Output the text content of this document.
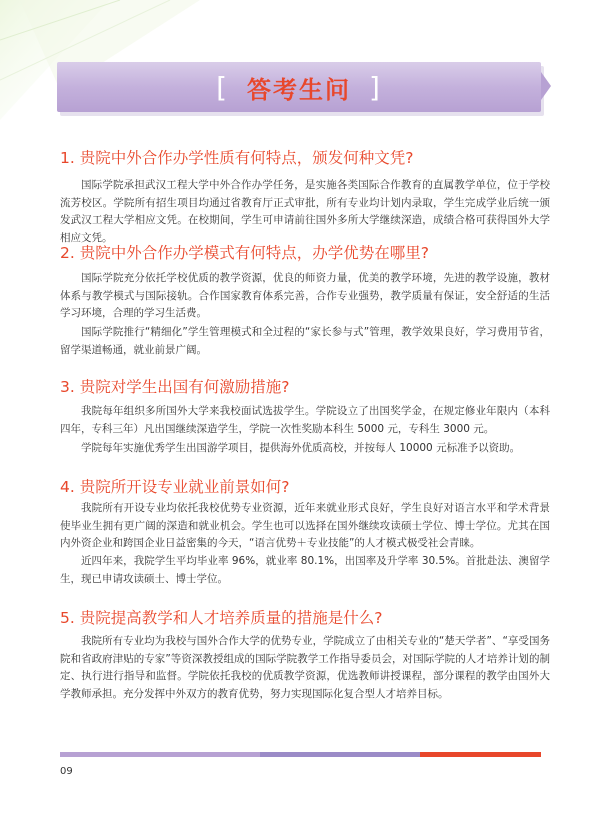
[ 答考生问 ]
1. 贵院中外合作办学性质有何特点，颁发何种文凭?
国际学院承担武汉工程大学中外合作办学任务，是实施各类国际合作教育的直属教学单位，位于学校流芳校区。学院所有招生项目均通过省教育厅正式审批，所有专业均计划内录取，学生完成学业后统一颁发武汉工程大学相应文凭。在校期间，学生可申请前往国外多所大学继续深造，成绩合格可获得国外大学相应文凭。
2. 贵院中外合作办学模式有何特点，办学优势在哪里?
国际学院充分依托学校优质的教学资源，优良的师资力量，优美的教学环境，先进的教学设施，教材体系与教学模式与国际接轨。合作国家教育体系完善，合作专业强势，教学质量有保证，安全舒适的生活学习环境，合理的学习生活费。
国际学院推行“精细化”学生管理模式和全过程的“家长参与式”管理，教学效果良好，学习费用节省，留学渠道畅通，就业前景广阔。
3. 贵院对学生出国有何激励措施?
我院每年组织多所国外大学来我校面试选拔学生。学院设立了出国奖学金，在规定修业年限内（本科四年，专科三年）凡出国继续深造学生，学院一次性奖励本科生 5000 元，专科生 3000 元。
学院每年实施优秀学生出国游学项目，提供海外优质高校，并按每人 10000 元标准予以资助。
4. 贵院所开设专业就业前景如何?
我院所有开设专业均依托我校优势专业资源，近年来就业形式良好，学生良好对语言水平和学术背景使毕业生拥有更广阔的深造和就业机会。学生也可以选择在国外继续攻读硕士学位、博士学位。尤其在国内外资企业和跨国企业日益密集的今天，“语言优势＋专业技能”的人才模式极受社会青睐。
近四年来，我院学生平均毕业率 96%，就业率 80.1%，出国率及升学率 30.5%。首批赴法、澳留学生，现已申请攻读硕士、博士学位。
5. 贵院提高教学和人才培养质量的措施是什么?
我院所有专业均为我校与国外合作大学的优势专业，学院成立了由相关专业的“楚天学者”、“享受国务院和省政府津贴的专家”等资深教授组成的国际学院教学工作指导委员会，对国际学院的人才培养计划的制定、执行进行指导和监督。学院依托我校的优质教学资源，优选教师讲授课程，部分课程的教学由国外大学教师承担。充分发挥中外双方的教育优势，努力实现国际化复合型人才培养目标。
09
